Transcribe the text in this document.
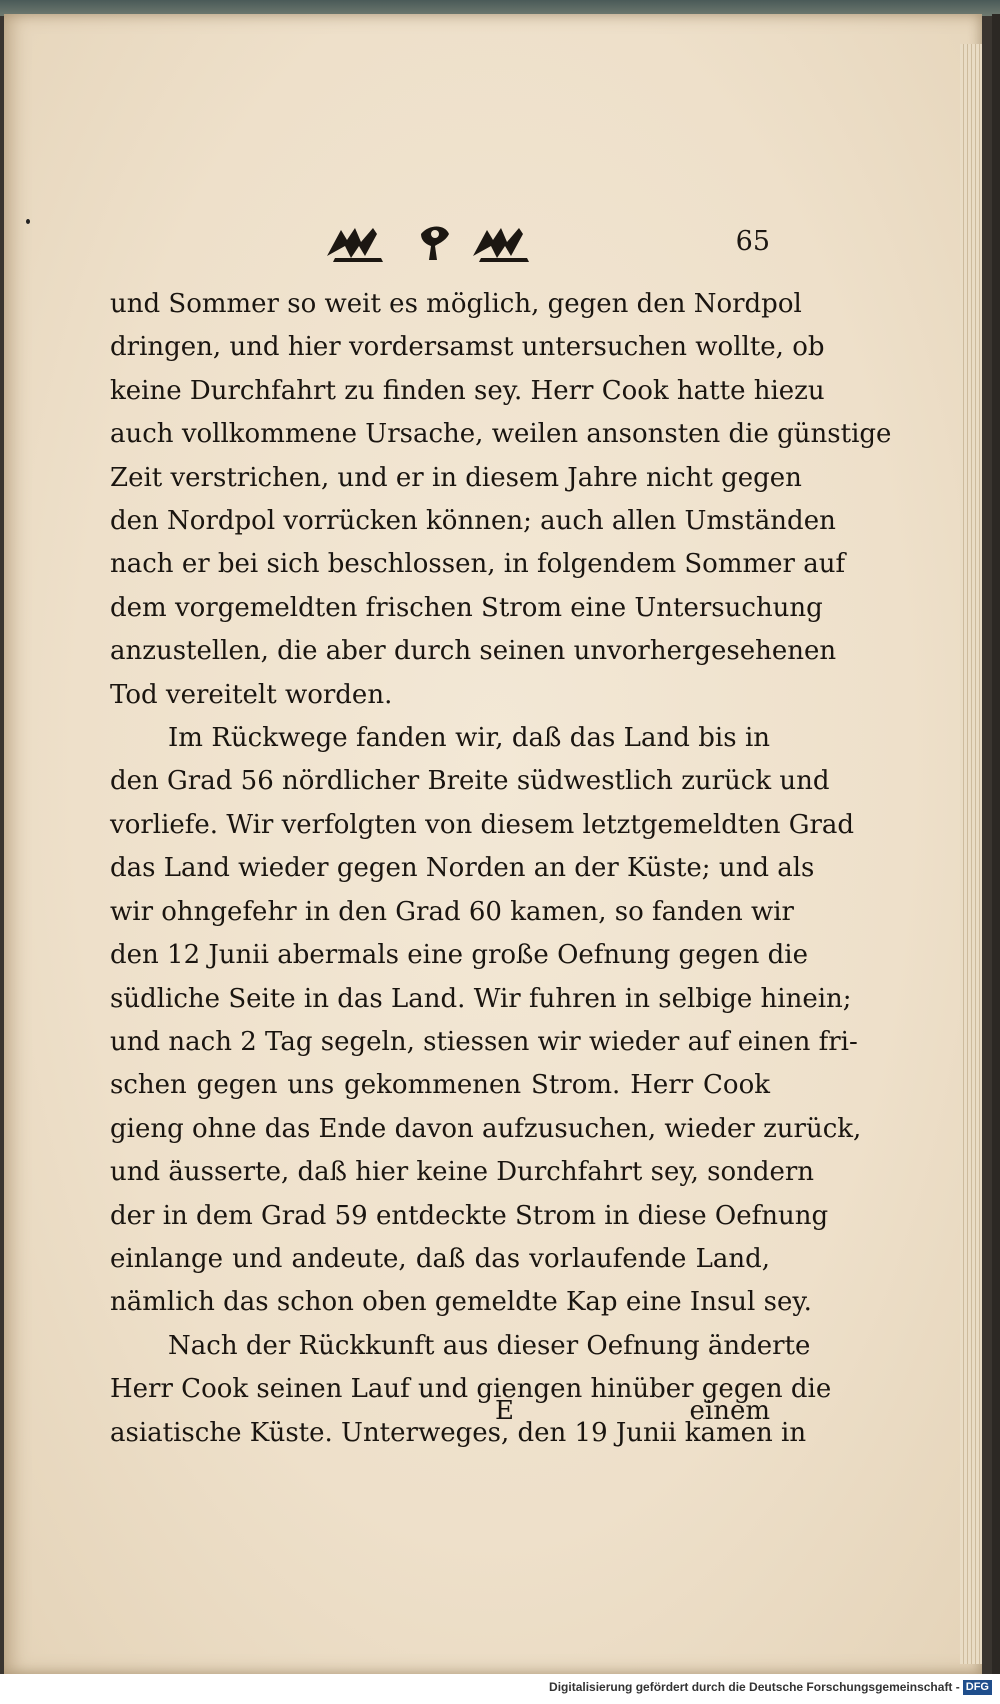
65
und Sommer so weit es möglich, gegen den Nordpol
dringen, und hier vordersamst untersuchen wollte, ob
keine Durchfahrt zu finden sey. Herr Cook hatte hiezu
auch vollkommene Ursache, weilen ansonsten die günstige
Zeit verstrichen, und er in diesem Jahre nicht gegen
den Nordpol vorrücken können; auch allen Umständen
nach er bei sich beschlossen, in folgendem Sommer auf
dem vorgemeldten frischen Strom eine Untersuchung
anzustellen, die aber durch seinen unvorhergesehenen
Tod vereitelt worden.
Im Rückwege fanden wir, daß das Land bis in
den Grad 56 nördlicher Breite südwestlich zurück und
vorliefe. Wir verfolgten von diesem letztgemeldten Grad
das Land wieder gegen Norden an der Küste; und als
wir ohngefehr in den Grad 60 kamen, so fanden wir
den 12 Junii abermals eine große Oefnung gegen die
südliche Seite in das Land. Wir fuhren in selbige hinein;
und nach 2 Tag segeln, stiessen wir wieder auf einen fri-
schen gegen uns gekommenen Strom. Herr Cook
gieng ohne das Ende davon aufzusuchen, wieder zurück,
und äusserte, daß hier keine Durchfahrt sey, sondern
der in dem Grad 59 entdeckte Strom in diese Oefnung
einlange und andeute, daß das vorlaufende Land,
nämlich das schon oben gemeldte Kap eine Insul sey.
Nach der Rückkunft aus dieser Oefnung änderte
Herr Cook seinen Lauf und giengen hinüber gegen die
asiatische Küste. Unterweges, den 19 Junii kamen in
E	einem
Digitalisierung gefördert durch die Deutsche Forschungsgemeinschaft - DFG
